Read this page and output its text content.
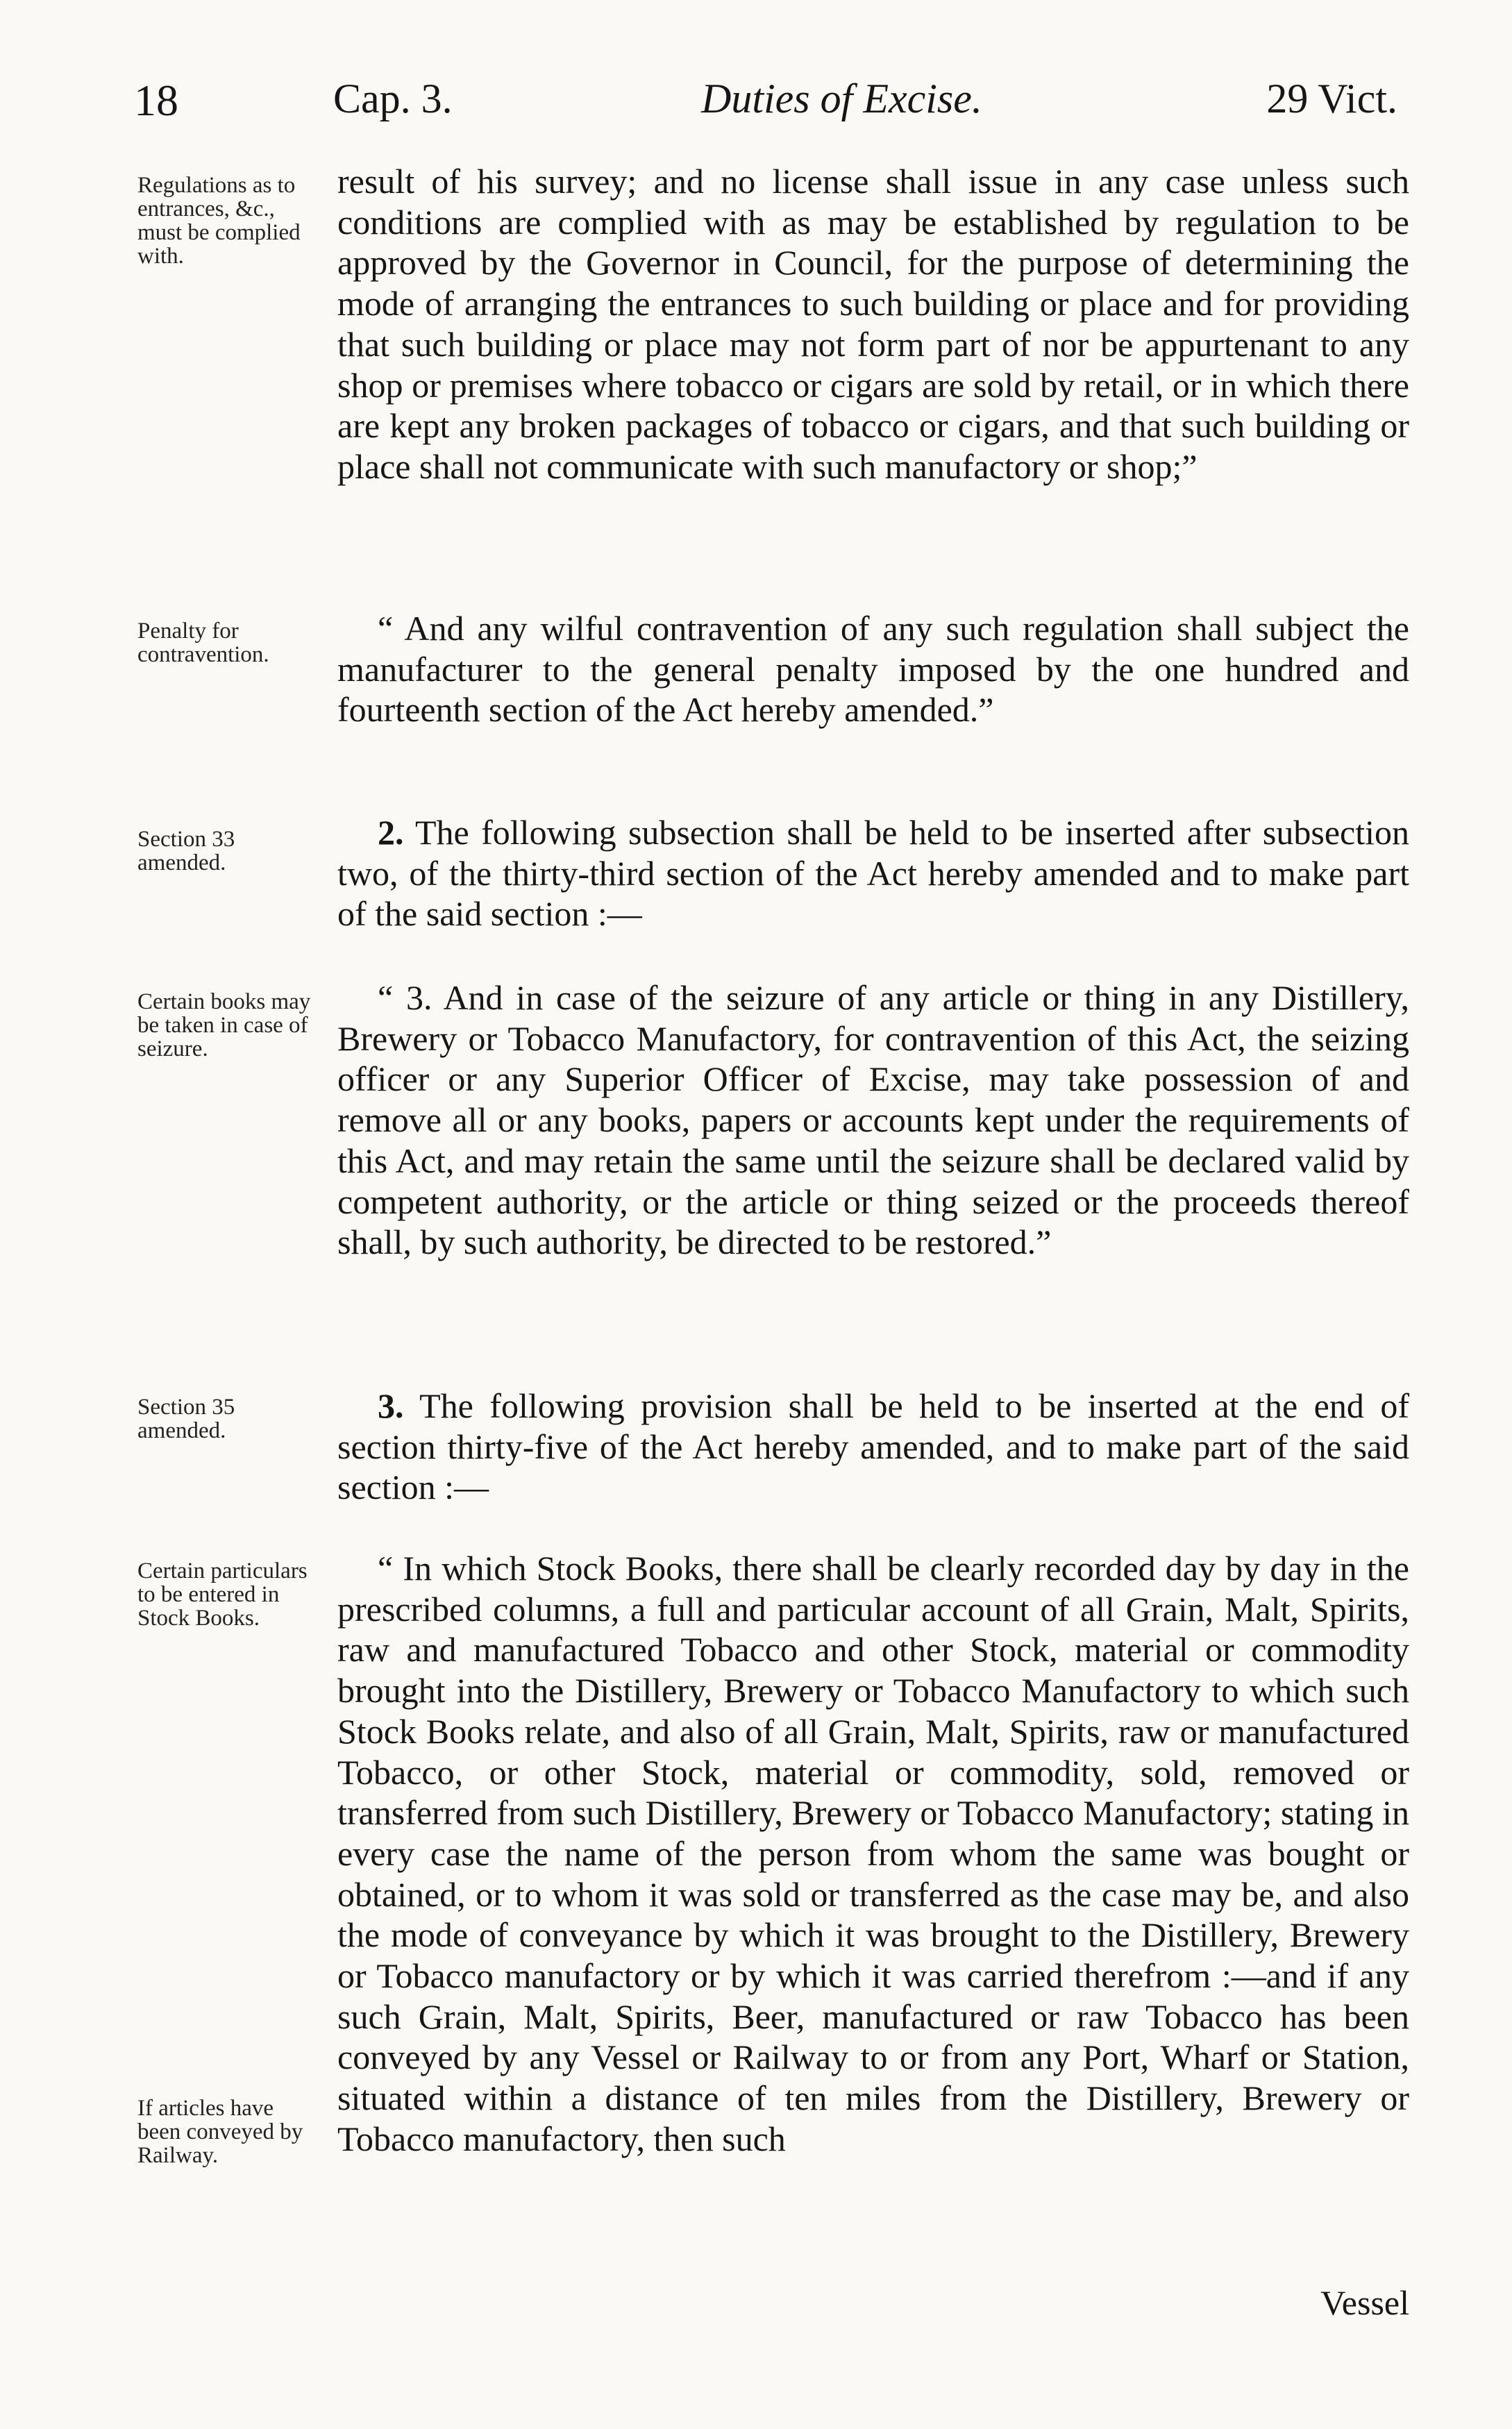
18	Cap. 3.	Duties of Excise.	29 Vict.
Regulations as to entrances, &c., must be complied with.
result of his survey; and no license shall issue in any case unless such conditions are complied with as may be established by regulation to be approved by the Governor in Council, for the purpose of determining the mode of arranging the entrances to such building or place and for providing that such building or place may not form part of nor be appurtenant to any shop or premises where tobacco or cigars are sold by retail, or in which there are kept any broken packages of tobacco or cigars, and that such building or place shall not communicate with such manufactory or shop;”
Penalty for contravention.
“ And any wilful contravention of any such regulation shall subject the manufacturer to the general penalty imposed by the one hundred and fourteenth section of the Act hereby amended.”
Section 33 amended.
2. The following subsection shall be held to be inserted after subsection two, of the thirty-third section of the Act hereby amended and to make part of the said section :—
Certain books may be taken in case of seizure.
“ 3. And in case of the seizure of any article or thing in any Distillery, Brewery or Tobacco Manufactory, for contravention of this Act, the seizing officer or any Superior Officer of Excise, may take possession of and remove all or any books, papers or accounts kept under the requirements of this Act, and may retain the same until the seizure shall be declared valid by competent authority, or the article or thing seized or the proceeds thereof shall, by such authority, be directed to be restored.”
Section 35 amended.
3. The following provision shall be held to be inserted at the end of section thirty-five of the Act hereby amended, and to make part of the said section :—
Certain particulars to be entered in Stock Books.
If articles have been conveyed by Railway.
“ In which Stock Books, there shall be clearly recorded day by day in the prescribed columns, a full and particular account of all Grain, Malt, Spirits, raw and manufactured Tobacco and other Stock, material or commodity brought into the Distillery, Brewery or Tobacco Manufactory to which such Stock Books relate, and also of all Grain, Malt, Spirits, raw or manufactured Tobacco, or other Stock, material or commodity, sold, removed or transferred from such Distillery, Brewery or Tobacco Manufactory; stating in every case the name of the person from whom the same was bought or obtained, or to whom it was sold or transferred as the case may be, and also the mode of conveyance by which it was brought to the Distillery, Brewery or Tobacco manufactory or by which it was carried therefrom :—and if any such Grain, Malt, Spirits, Beer, manufactured or raw Tobacco has been conveyed by any Vessel or Railway to or from any Port, Wharf or Station, situated within a distance of ten miles from the Distillery, Brewery or Tobacco manufactory, then such
Vessel
